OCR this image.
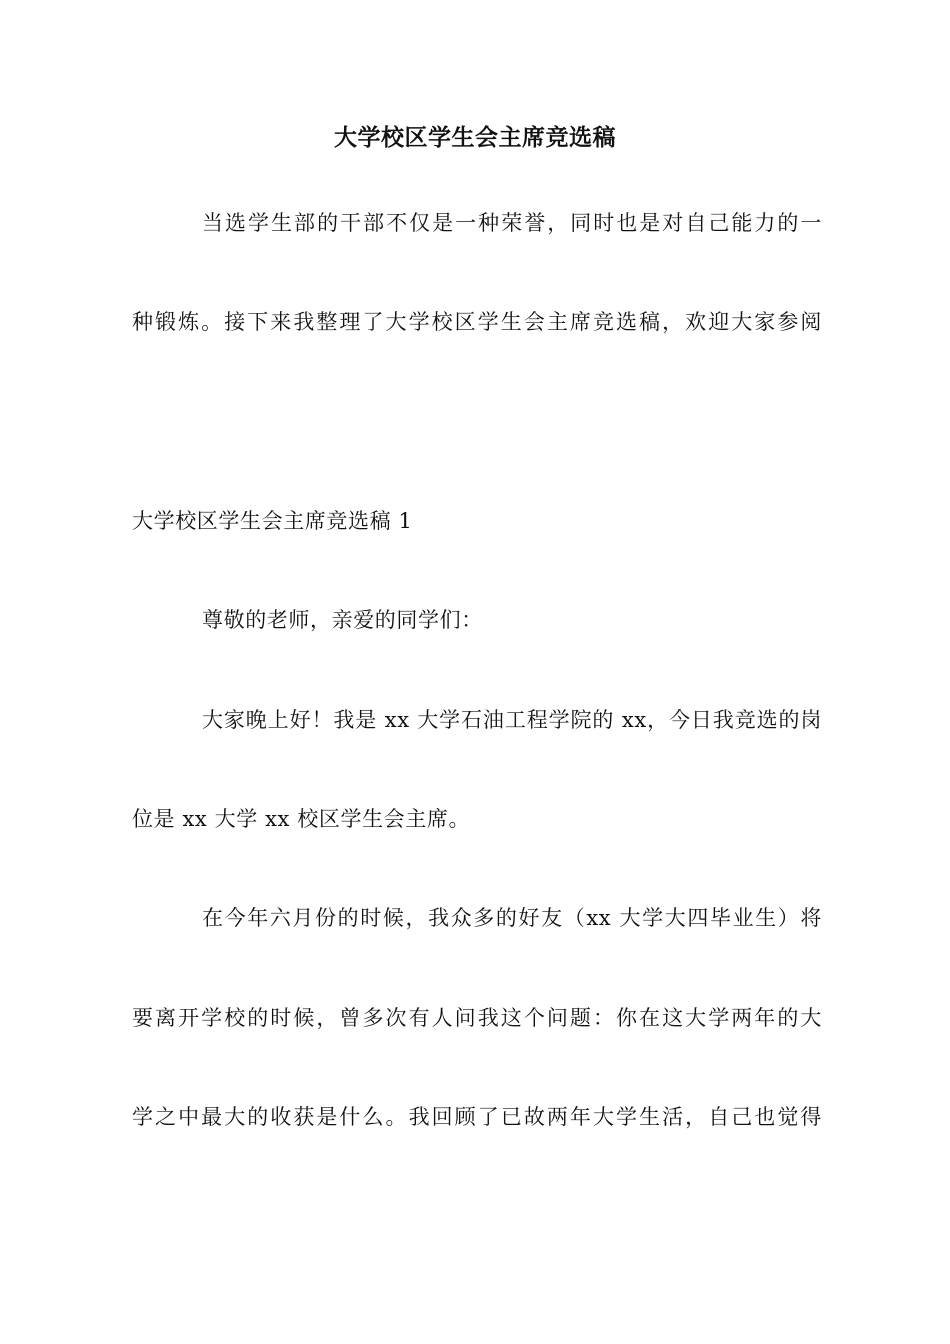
大学校区学生会主席竞选稿
当选学生部的干部不仅是一种荣誉，同时也是对自己能力的一
种锻炼。接下来我整理了大学校区学生会主席竞选稿，欢迎大家参阅
大学校区学生会主席竞选稿 1
尊敬的老师，亲爱的同学们：
大家晚上好！我是 xx 大学石油工程学院的 xx，今日我竞选的岗
位是 xx 大学 xx 校区学生会主席。
在今年六月份的时候，我众多的好友（xx 大学大四毕业生）将
要离开学校的时候，曾多次有人问我这个问题：你在这大学两年的大
学之中最大的收获是什么。我回顾了已故两年大学生活，自己也觉得
